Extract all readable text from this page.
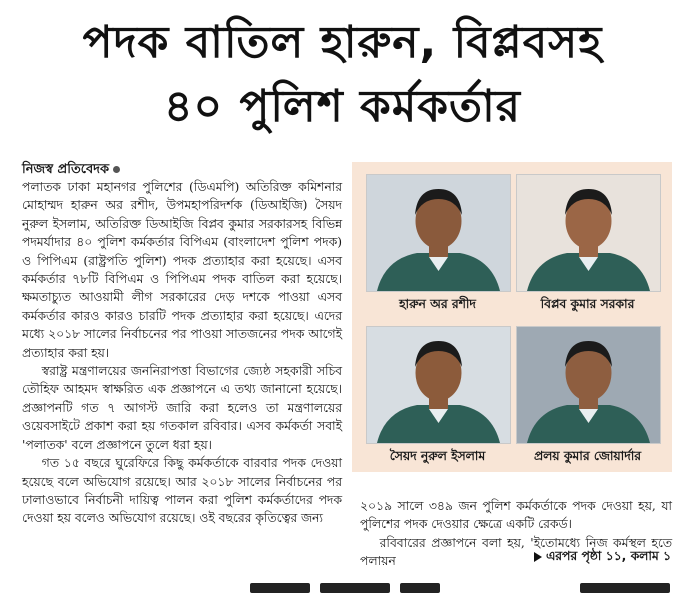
পদক বাতিল হারুন, বিপ্লবসহ
৪০ পুলিশ কর্মকর্তার
নিজস্ব প্রতিবেদক

পলাতক ঢাকা মহানগর পুলিশের (ডিএমপি) অতিরিক্ত কমিশনার মোহাম্মদ হারুন অর রশীদ, উপমহাপরিদর্শক (ডিআইজি) সৈয়দ নুরুল ইসলাম, অতিরিক্ত ডিআইজি বিপ্লব কুমার সরকারসহ বিভিন্ন পদমর্যাদার ৪০ পুলিশ কর্মকর্তার বিপিএম (বাংলাদেশ পুলিশ পদক) ও পিপিএম (রাষ্ট্রপতি পুলিশ) পদক প্রত্যাহার করা হয়েছে। এসব কর্মকর্তার ৭৮টি বিপিএম ও পিপিএম পদক বাতিল করা হয়েছে। ক্ষমতাচ্যুত আওয়ামী লীগ সরকারের দেড় দশকে পাওয়া এসব কর্মকর্তার কারও কারও চারটি পদক প্রত্যাহার করা হয়েছে। এদের মধ্যে ২০১৮ সালের নির্বাচনের পর পাওয়া সাতজনের পদক আগেই প্রত্যাহার করা হয়।

স্বরাষ্ট্র মন্ত্রণালয়ের জননিরাপত্তা বিভাগের জ্যেষ্ঠ সহকারী সচিব তৌহিফ আহমদ স্বাক্ষরিত এক প্রজ্ঞাপনে এ তথ্য জানানো হয়েছে। প্রজ্ঞাপনটি গত ৭ আগস্ট জারি করা হলেও তা মন্ত্রণালয়ের ওয়েবসাইটে প্রকাশ করা হয় গতকাল রবিবার। এসব কর্মকর্তা সবাই 'পলাতক' বলে প্রজ্ঞাপনে তুলে ধরা হয়।

গত ১৫ বছরে ঘুরেফিরে কিছু কর্মকর্তাকে বারবার পদক দেওয়া হয়েছে বলে অভিযোগ রয়েছে। আর ২০১৮ সালের নির্বাচনের পর ঢালাওভাবে নির্বাচনী দায়িত্ব পালন করা পুলিশ কর্মকর্তাদের পদক দেওয়া হয় বলেও অভিযোগ রয়েছে। ওই বছরের কৃতিত্বের জন্য

হারুন অর রশীদ	বিপ্লব কুমার সরকার
সৈয়দ নুরুল ইসলাম	প্রলয় কুমার জোয়ার্দার

২০১৯ সালে ৩৪৯ জন পুলিশ কর্মকর্তাকে পদক দেওয়া হয়, যা পুলিশের পদক দেওয়ার ক্ষেত্রে একটি রেকর্ড।

রবিবারের প্রজ্ঞাপনে বলা হয়, 'ইতোমধ্যে নিজ কর্মস্থল হতে পলায়ন	এরপর পৃষ্ঠা ১১, কলাম ১
